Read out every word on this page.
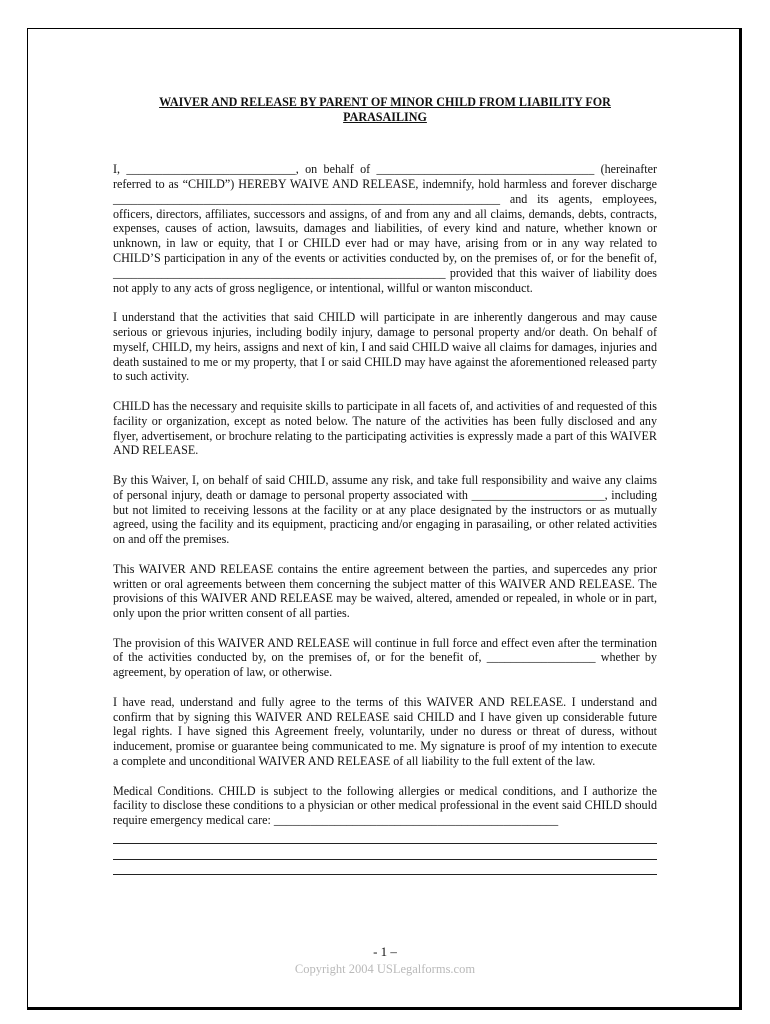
WAIVER AND RELEASE BY PARENT OF MINOR CHILD FROM LIABILITY FOR
PARASAILING

I, ____________________________, on behalf of ____________________________________ (hereinafter referred to as “CHILD”) HEREBY WAIVE AND RELEASE, indemnify, hold harmless and forever discharge ________________________________________________________________ and its agents, employees, officers, directors, affiliates, successors and assigns, of and from any and all claims, demands, debts, contracts, expenses, causes of action, lawsuits, damages and liabilities, of every kind and nature, whether known or unknown, in law or equity, that I or CHILD ever had or may have, arising from or in any way related to CHILD’S participation in any of the events or activities conducted by, on the premises of, or for the benefit of, _______________________________________________________ provided that this waiver of liability does not apply to any acts of gross negligence, or intentional, willful or wanton misconduct.

I understand that the activities that said CHILD will participate in are inherently dangerous and may cause serious or grievous injuries, including bodily injury, damage to personal property and/or death. On behalf of myself, CHILD, my heirs, assigns and next of kin, I and said CHILD waive all claims for damages, injuries and death sustained to me or my property, that I or said CHILD may have against the aforementioned released party to such activity.

CHILD has the necessary and requisite skills to participate in all facets of, and activities of and requested of this facility or organization, except as noted below. The nature of the activities has been fully disclosed and any flyer, advertisement, or brochure relating to the participating activities is expressly made a part of this WAIVER AND RELEASE.

By this Waiver, I, on behalf of said CHILD, assume any risk, and take full responsibility and waive any claims of personal injury, death or damage to personal property associated with ______________________, including but not limited to receiving lessons at the facility or at any place designated by the instructors or as mutually agreed, using the facility and its equipment, practicing and/or engaging in parasailing, or other related activities on and off the premises.

This WAIVER AND RELEASE contains the entire agreement between the parties, and supercedes any prior written or oral agreements between them concerning the subject matter of this WAIVER AND RELEASE. The provisions of this WAIVER AND RELEASE may be waived, altered, amended or repealed, in whole or in part, only upon the prior written consent of all parties.

The provision of this WAIVER AND RELEASE will continue in full force and effect even after the termination of the activities conducted by, on the premises of, or for the benefit of, __________________ whether by agreement, by operation of law, or otherwise.

I have read, understand and fully agree to the terms of this WAIVER AND RELEASE. I understand and confirm that by signing this WAIVER AND RELEASE said CHILD and I have given up considerable future legal rights. I have signed this Agreement freely, voluntarily, under no duress or threat of duress, without inducement, promise or guarantee being communicated to me. My signature is proof of my intention to execute a complete and unconditional WAIVER AND RELEASE of all liability to the full extent of the law.

Medical Conditions. CHILD is subject to the following allergies or medical conditions, and I authorize the facility to disclose these conditions to a physician or other medical professional in the event said CHILD should require emergency medical care: _______________________________________________

- 1 –
Copyright 2004 USLegalforms.com
